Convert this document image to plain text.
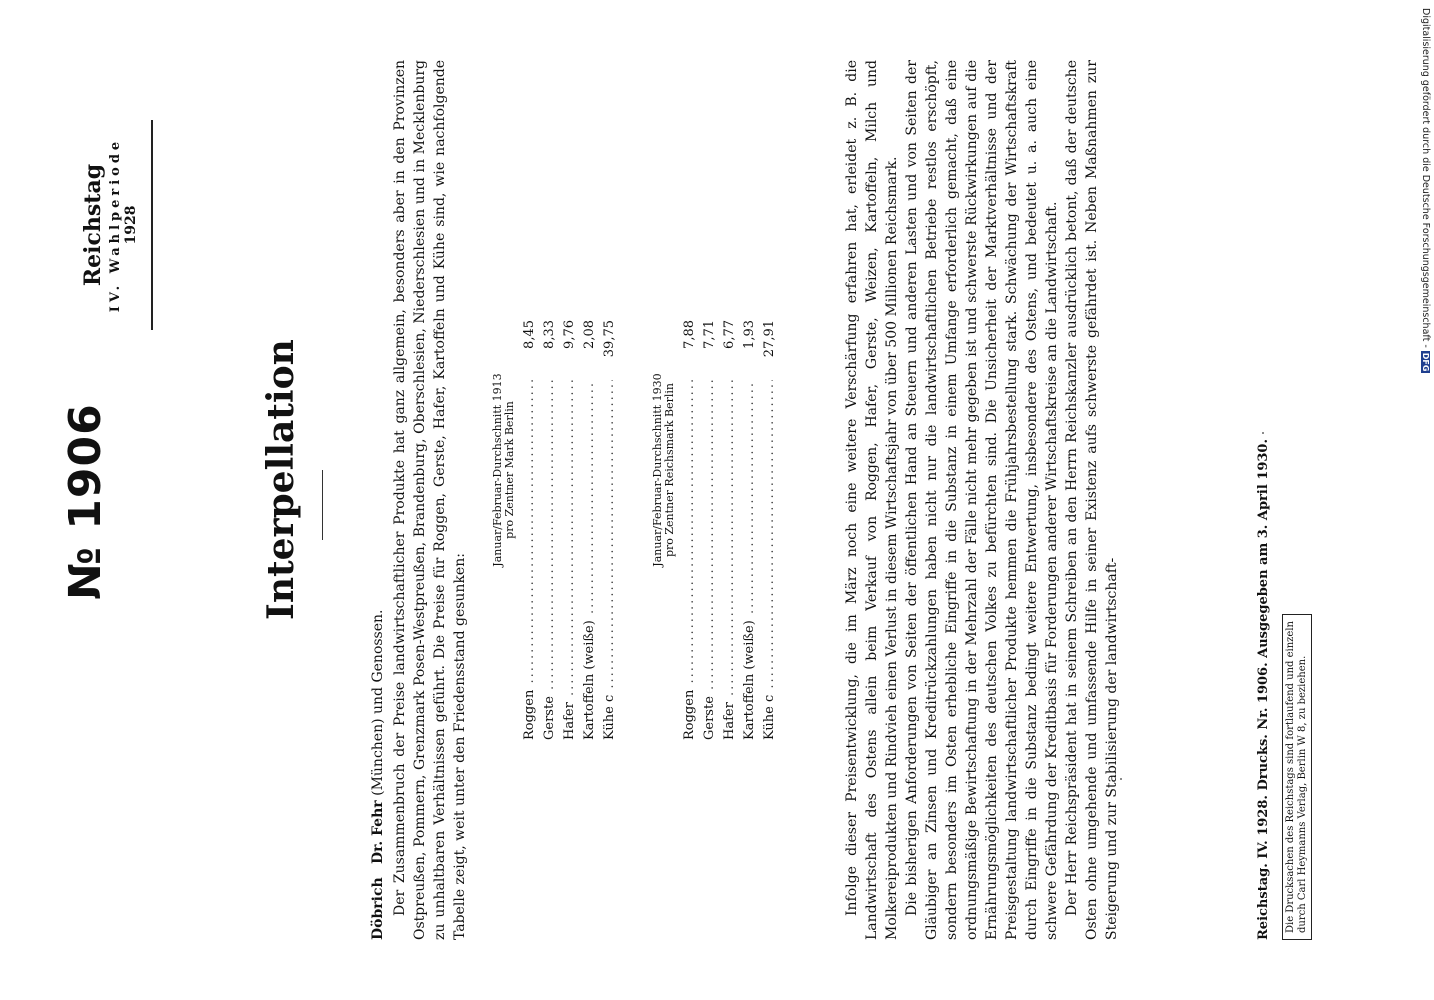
№ 1906
Reichstag IV. Wahlperiode 1928
Interpellation
Döbrich   Dr. Fehr (München) und Genossen. Der Zusammenbruch der Preise landwirtschaftlicher Produkte hat ganz allgemein, besonders aber in den Provinzen Ostpreußen, Pommern, Grenzmark Posen-Westpreußen, Brandenburg, Oberschlesien, Niederschlesien und in Mecklenburg zu unhaltbaren Verhältnissen geführt. Die Preise für Roggen, Gerste, Hafer, Kartoffeln und Kühe sind, wie nachfolgende Tabelle zeigt, weit unter den Friedensstand gesunken:
Januar/Februar-Durchschnitt 1913 pro Zentner Mark Berlin
Roggen .....
8,45
Gerste .....
8,33
Hafer .....
9,76
Kartoffeln (weiße) .....
2,08
Kühe c .....
39,75
Januar/Februar-Durchschnitt 1930 pro Zentner Reichsmark Berlin
Roggen .....
7,88
Gerste .....
7,71
Hafer .....
6,77
Kartoffeln (weiße) .....
1,93
Kühe c .....
27,91	Infolge dieser Preisentwicklung, die im März noch eine weitere Verschärfung erfahren hat, erleidet z. B. die Landwirtschaft des Ostens allein beim Verkauf von Roggen, Hafer, Gerste, Weizen, Kartoffeln, Milch und Molkereiprodukten und Rindvieh einen Verlust in diesem Wirtschaftsjahr von über 500 Millionen Reichsmark. Die bisherigen Anforderungen von Seiten der öffentlichen Hand an Steuern und anderen Lasten und von Seiten der Gläubiger an Zinsen und Kreditrückzahlungen haben nicht nur die landwirtschaftlichen Betriebe restlos erschöpft, sondern besonders im Osten erhebliche Eingriffe in die Substanz in einem Umfange erforderlich gemacht, daß eine ordnungsmäßige Bewirtschaftung in der Mehrzahl der Fälle nicht mehr gegeben ist und schwerste Rückwirkungen auf die Ernährungsmöglichkeiten des deutschen Volkes zu befürchten sind. Die Unsicherheit der Marktverhältnisse und der Preisgestaltung landwirtschaftlicher Produkte hemmen die Frühjahrsbestellung stark. Schwächung der Wirtschaftskraft durch Eingriffe in die Substanz bedingt weitere Entwertung, insbesondere des Ostens, und bedeutet u. a. auch eine schwere Gefährdung der Kreditbasis für Forderungen anderer Wirtschaftskreise an die Landwirtschaft. Der Herr Reichspräsident hat in seinem Schreiben an den Herrn Reichskanzler ausdrücklich betont, daß der deutsche Osten ohne umgehende und umfassende Hilfe in seiner Existenz aufs schwerste gefährdet ist. Neben Maßnahmen zur Steigerung und zur Stabilisierung der landwirtschaft-	Reichstag. IV. 1928. Drucks. Nr. 1906. Ausgegeben am 3. April 1930. Die Drucksachen des Reichstags sind fortlaufend und einzeln durch Carl Heymanns Verlag, Berlin W 8, zu beziehen.
Digitalisierung gefördert durch die Deutsche Forschungsgemeinschaft - DFG
